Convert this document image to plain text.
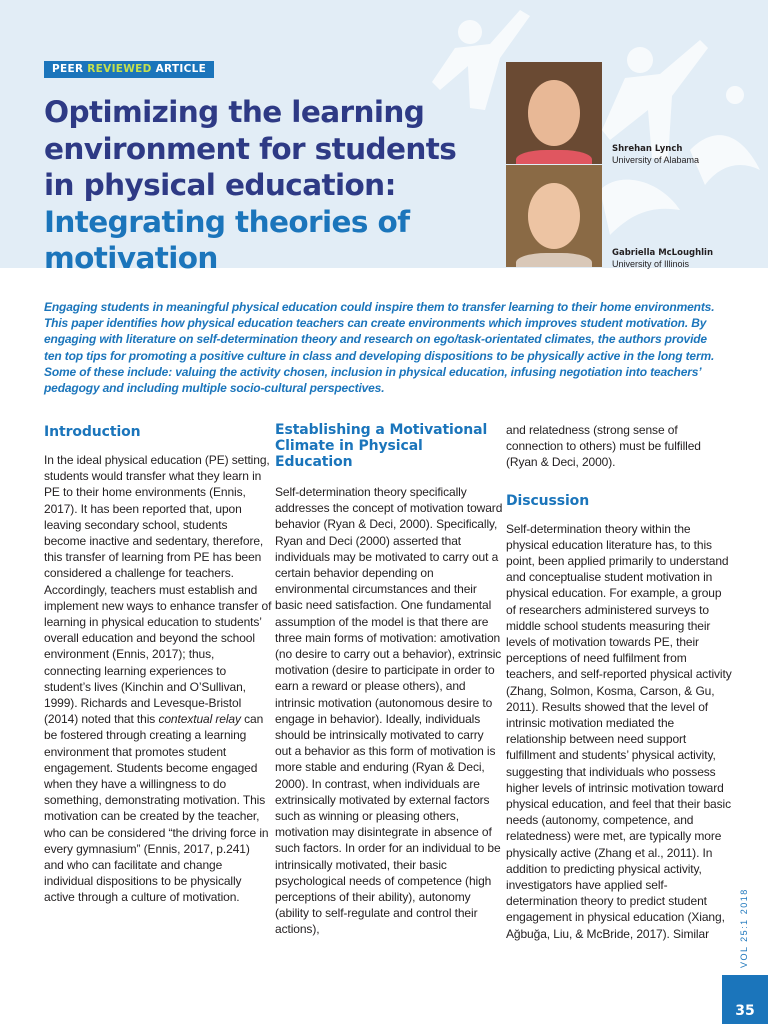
PEER REVIEWED ARTICLE
Optimizing the learning environment for students in physical education:
Integrating theories of motivation
Shrehan Lynch
University of Alabama
Gabriella McLoughlin
University of Illinois

Engaging students in meaningful physical education could inspire them to transfer learning to their home environments. This paper identifies how physical education teachers can create environments which improves student motivation. By engaging with literature on self-determination theory and research on ego/task-orientated climates, the authors provide ten top tips for promoting a positive culture in class and developing dispositions to be physically active in the long term. Some of these include: valuing the activity chosen, inclusion in physical education, infusing negotiation into teachers’ pedagogy and including multiple socio-cultural perspectives.

Introduction

In the ideal physical education (PE) setting, students would transfer what they learn in PE to their home environments (Ennis, 2017). It has been reported that, upon leaving secondary school, students become inactive and sedentary, therefore, this transfer of learning from PE has been considered a challenge for teachers. Accordingly, teachers must establish and implement new ways to enhance transfer of learning in physical education to students’ overall education and beyond the school environment (Ennis, 2017); thus, connecting learning experiences to student’s lives (Kinchin and O’Sullivan, 1999). Richards and Levesque-Bristol (2014) noted that this contextual relay can be fostered through creating a learning environment that promotes student engagement. Students become engaged when they have a willingness to do something, demonstrating motivation. This motivation can be created by the teacher, who can be considered “the driving force in every gymnasium” (Ennis, 2017, p.241) and who can facilitate and change individual dispositions to be physically active through a culture of motivation.

Establishing a Motivational Climate in Physical Education

Self-determination theory specifically addresses the concept of motivation toward behavior (Ryan & Deci, 2000). Specifically, Ryan and Deci (2000) asserted that individuals may be motivated to carry out a certain behavior depending on environmental circumstances and their basic need satisfaction. One fundamental assumption of the model is that there are three main forms of motivation: amotivation (no desire to carry out a behavior), extrinsic motivation (desire to participate in order to earn a reward or please others), and intrinsic motivation (autonomous desire to engage in behavior). Ideally, individuals should be intrinsically motivated to carry out a behavior as this form of motivation is more stable and enduring (Ryan & Deci, 2000). In contrast, when individuals are extrinsically motivated by external factors such as winning or pleasing others, motivation may disintegrate in absence of such factors. In order for an individual to be intrinsically motivated, their basic psychological needs of competence (high perceptions of their ability), autonomy (ability to self-regulate and control their actions),

and relatedness (strong sense of connection to others) must be fulfilled (Ryan & Deci, 2000).

Discussion

Self-determination theory within the physical education literature has, to this point, been applied primarily to understand and conceptualise student motivation in physical education. For example, a group of researchers administered surveys to middle school students measuring their levels of motivation towards PE, their perceptions of need fulfilment from teachers, and self-reported physical activity (Zhang, Solmon, Kosma, Carson, & Gu, 2011). Results showed that the level of intrinsic motivation mediated the relationship between need support fulfillment and students’ physical activity, suggesting that individuals who possess higher levels of intrinsic motivation toward physical education, and feel that their basic needs (autonomy, competence, and relatedness) were met, are typically more physically active (Zhang et al., 2011). In addition to predicting physical activity, investigators have applied self-determination theory to predict student engagement in physical education (Xiang, Ağbuğa, Liu, & McBride, 2017). Similar	VOL 25:1 2018
35
